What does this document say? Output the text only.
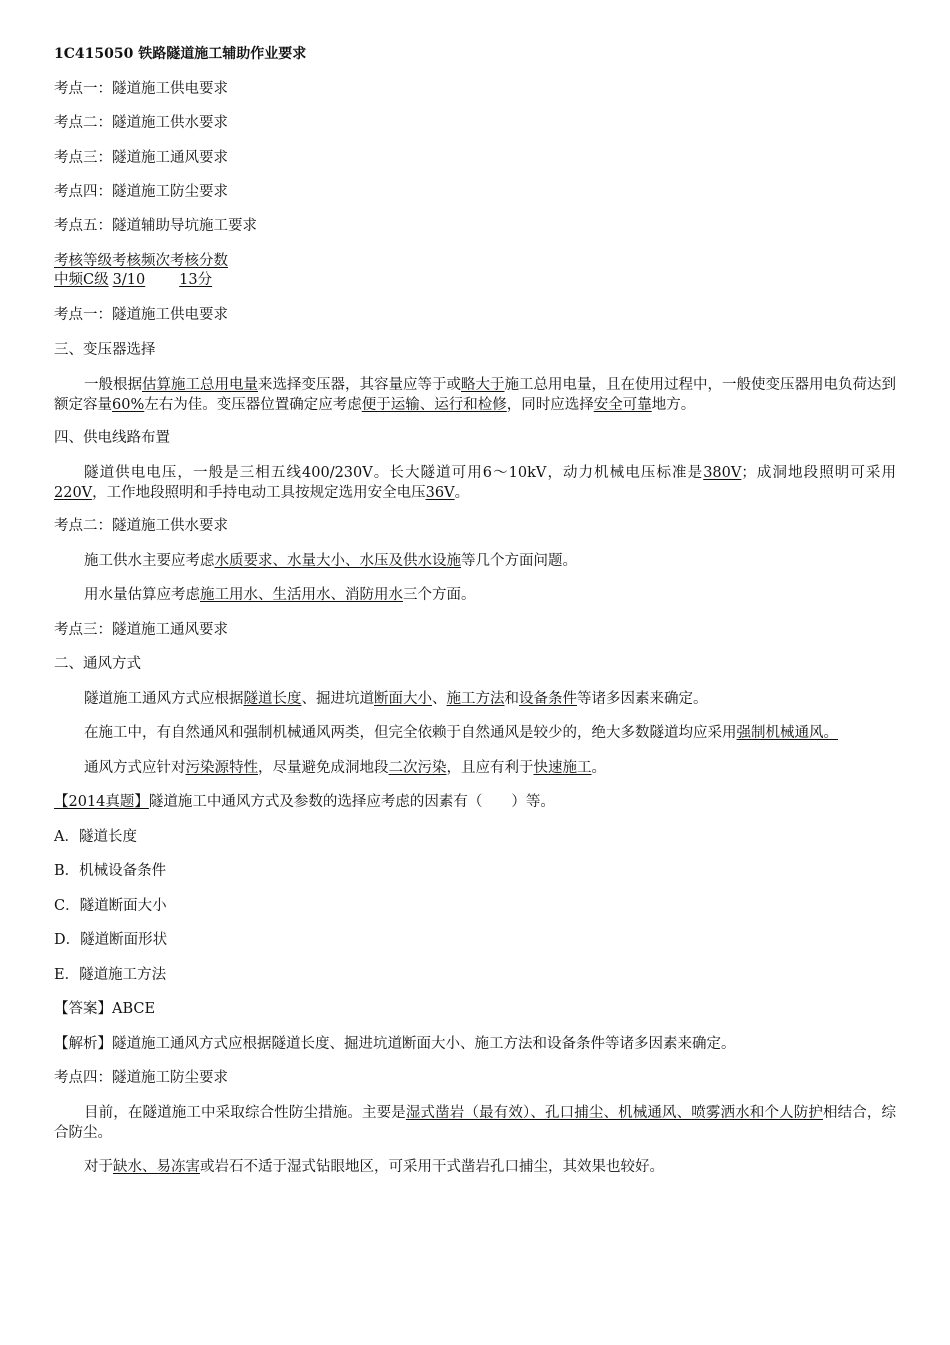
1C415050 铁路隧道施工辅助作业要求
考点一：隧道施工供电要求
考点二：隧道施工供水要求
考点三：隧道施工通风要求
考点四：隧道施工防尘要求
考点五：隧道辅助导坑施工要求
考核等级考核频次考核分数
中频C级 3/10 13分
考点一：隧道施工供电要求
三、变压器选择
一般根据估算施工总用电量来选择变压器，其容量应等于或略大于施工总用电量，且在使用过程中，一般使变压器用电负荷达到额定容量60%左右为佳。变压器位置确定应考虑便于运输、运行和检修，同时应选择安全可靠地方。
四、供电线路布置
隧道供电电压，一般是三相五线400/230V。长大隧道可用6～10kV，动力机械电压标准是380V；成洞地段照明可采用220V，工作地段照明和手持电动工具按规定选用安全电压36V。
考点二：隧道施工供水要求
施工供水主要应考虑水质要求、水量大小、水压及供水设施等几个方面问题。
用水量估算应考虑施工用水、生活用水、消防用水三个方面。
考点三：隧道施工通风要求
二、通风方式
隧道施工通风方式应根据隧道长度、掘进坑道断面大小、施工方法和设备条件等诸多因素来确定。
在施工中，有自然通风和强制机械通风两类，但完全依赖于自然通风是较少的，绝大多数隧道均应采用强制机械通风。
通风方式应针对污染源特性，尽量避免成洞地段二次污染，且应有利于快速施工。
【2014真题】隧道施工中通风方式及参数的选择应考虑的因素有（　　）等。
A．隧道长度
B．机械设备条件
C．隧道断面大小
D．隧道断面形状
E．隧道施工方法
【答案】ABCE
【解析】隧道施工通风方式应根据隧道长度、掘进坑道断面大小、施工方法和设备条件等诸多因素来确定。
考点四：隧道施工防尘要求
目前，在隧道施工中采取综合性防尘措施。主要是湿式凿岩（最有效）、孔口捕尘、机械通风、喷雾洒水和个人防护相结合，综合防尘。
对于缺水、易冻害或岩石不适于湿式钻眼地区，可采用干式凿岩孔口捕尘，其效果也较好。
